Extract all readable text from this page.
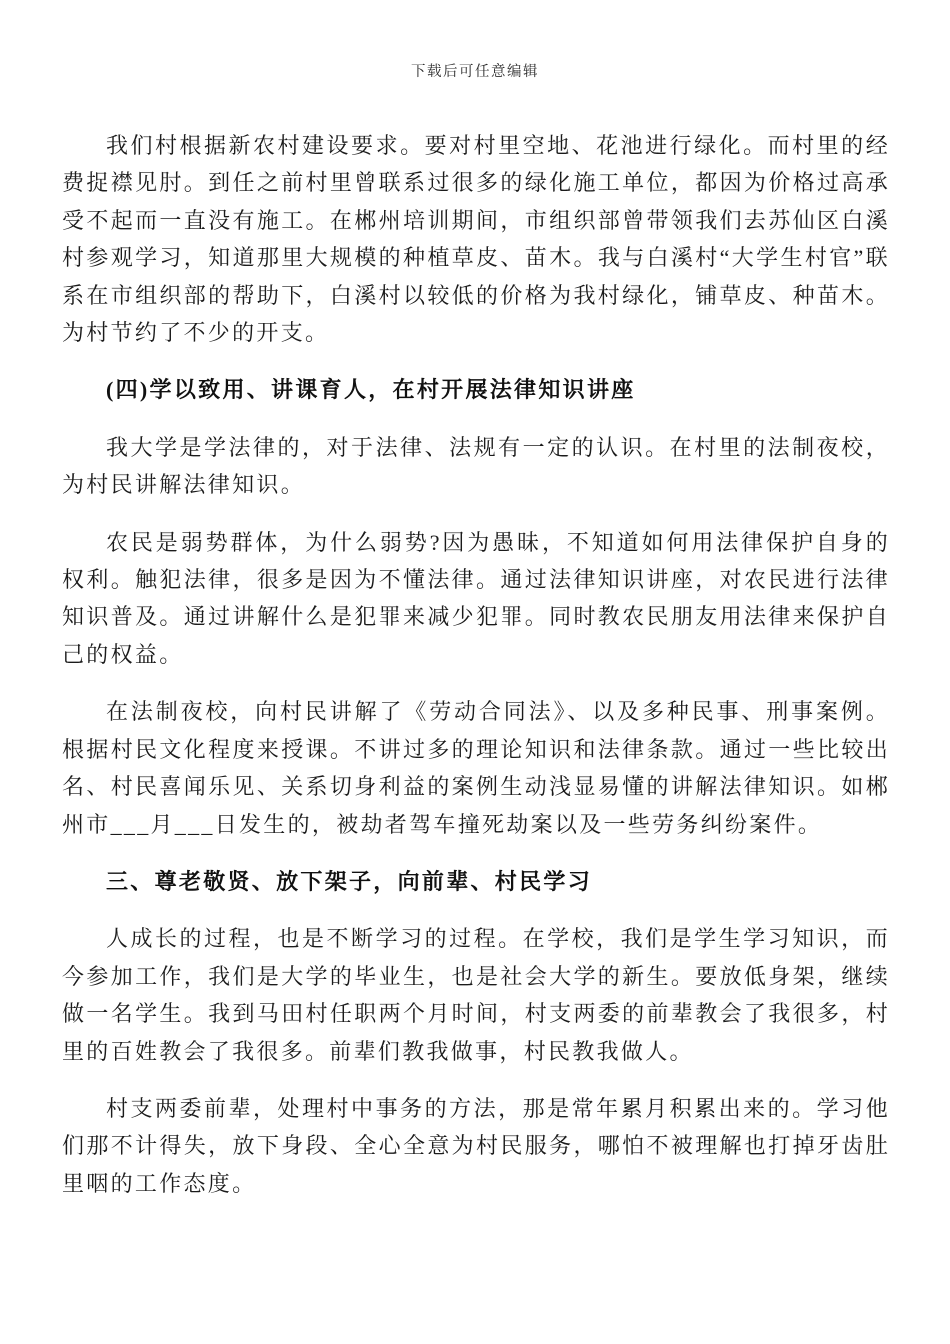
下载后可任意编辑

我们村根据新农村建设要求。要对村里空地、花池进行绿化。而村里的经费捉襟见肘。到任之前村里曾联系过很多的绿化施工单位，都因为价格过高承受不起而一直没有施工。在郴州培训期间，市组织部曾带领我们去苏仙区白溪村参观学习，知道那里大规模的种植草皮、苗木。我与白溪村“大学生村官”联系在市组织部的帮助下，白溪村以较低的价格为我村绿化，铺草皮、种苗木。为村节约了不少的开支。

(四)学以致用、讲课育人，在村开展法律知识讲座

我大学是学法律的，对于法律、法规有一定的认识。在村里的法制夜校，为村民讲解法律知识。

农民是弱势群体，为什么弱势?因为愚昧，不知道如何用法律保护自身的权利。触犯法律，很多是因为不懂法律。通过法律知识讲座，对农民进行法律知识普及。通过讲解什么是犯罪来减少犯罪。同时教农民朋友用法律来保护自己的权益。

在法制夜校，向村民讲解了《劳动合同法》、以及多种民事、刑事案例。根据村民文化程度来授课。不讲过多的理论知识和法律条款。通过一些比较出名、村民喜闻乐见、关系切身利益的案例生动浅显易懂的讲解法律知识。如郴州市___月___日发生的，被劫者驾车撞死劫案以及一些劳务纠纷案件。

三、尊老敬贤、放下架子，向前辈、村民学习

人成长的过程，也是不断学习的过程。在学校，我们是学生学习知识，而今参加工作，我们是大学的毕业生，也是社会大学的新生。要放低身架，继续做一名学生。我到马田村任职两个月时间，村支两委的前辈教会了我很多，村里的百姓教会了我很多。前辈们教我做事，村民教我做人。

村支两委前辈，处理村中事务的方法，那是常年累月积累出来的。学习他们那不计得失，放下身段、全心全意为村民服务，哪怕不被理解也打掉牙齿肚里咽的工作态度。
